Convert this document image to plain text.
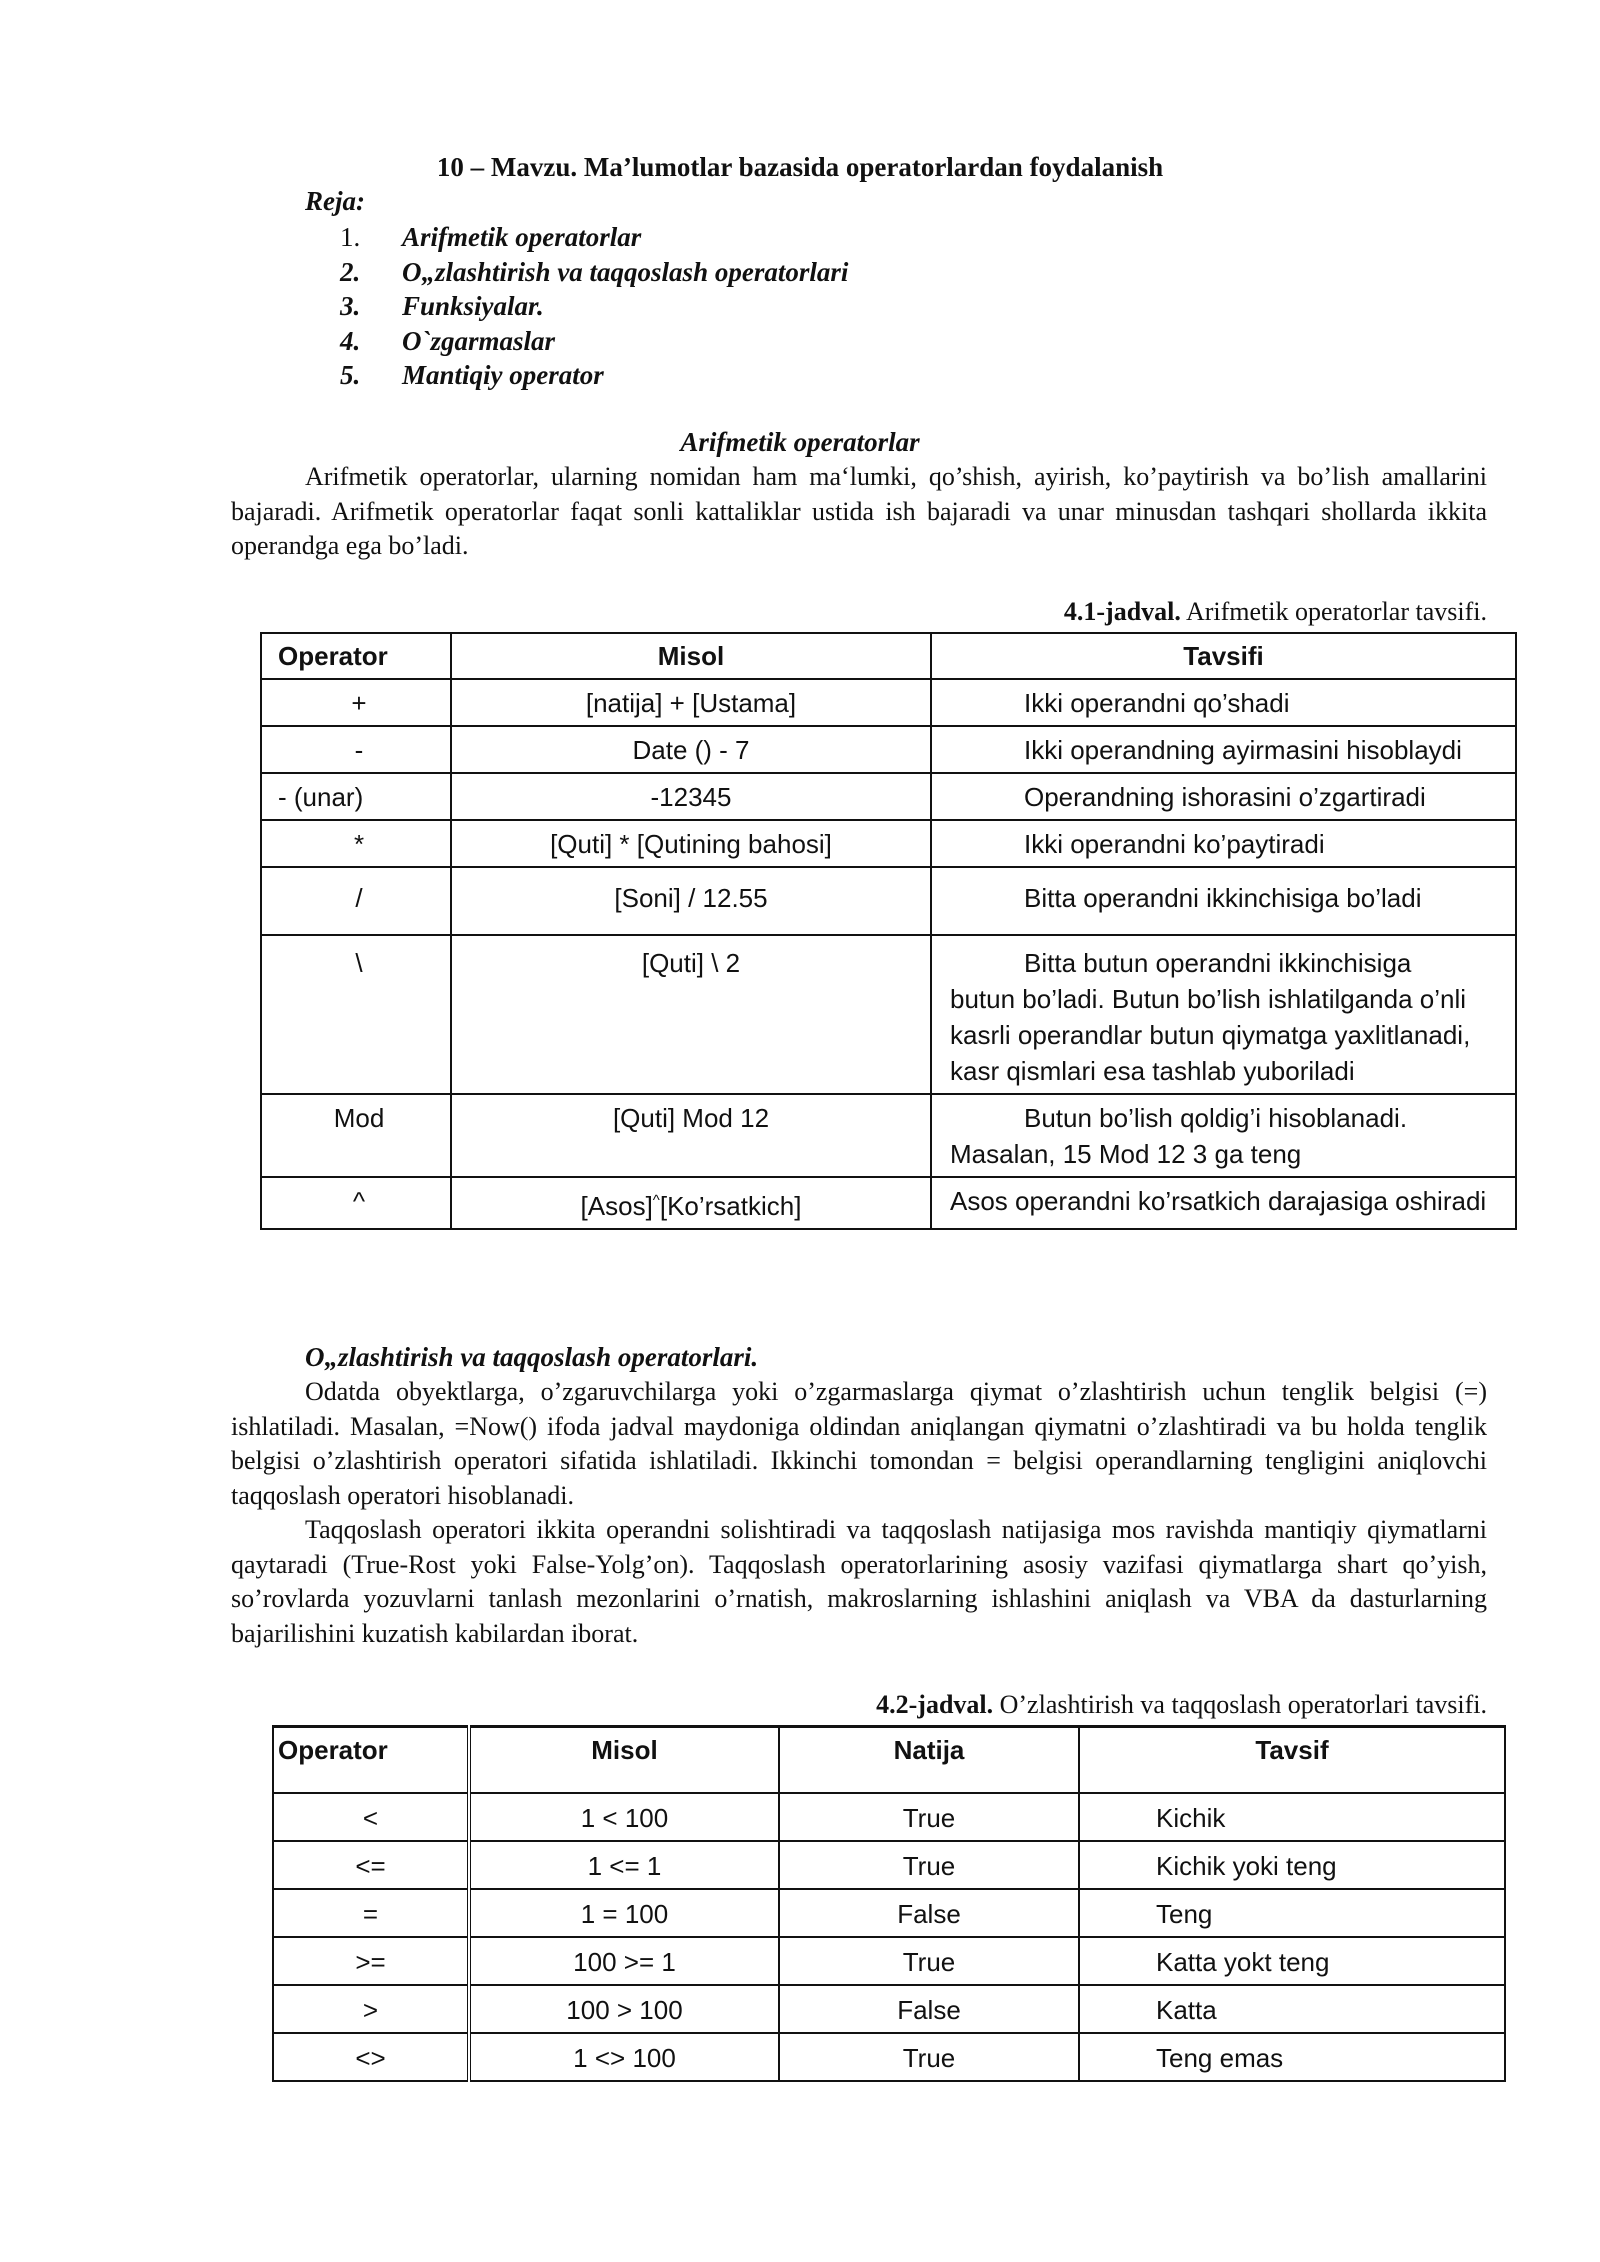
10 – Mavzu. Ma’lumotlar bazasida operatorlardan foydalanish
Reja:
1. Arifmetik operatorlar
2. O„zlashtirish va taqqoslash operatorlari
3. Funksiyalar.
4. O`zgarmaslar
5. Mantiqiy operator
Arifmetik operatorlar

Arifmetik operatorlar, ularning nomidan ham ma‘lumki, qo’shish, ayirish, ko’paytirish va bo’lish amallarini bajaradi. Arifmetik operatorlar faqat sonli kattaliklar ustida ish bajaradi va unar minusdan tashqari shollarda ikkita operandga ega bo’ladi.

4.1-jadval. Arifmetik operatorlar tavsifi.
Operator	Misol	Tavsifi
+	[natija] + [Ustama]	Ikki operandni qo’shadi
-	Date () - 7	Ikki operandning ayirmasini hisoblaydi
- (unar)	-12345	Operandning ishorasini o’zgartiradi
*	[Quti] * [Qutining bahosi]	Ikki operandni ko’paytiradi
/	[Soni] / 12.55	Bitta operandni ikkinchisiga bo’ladi
\	[Quti] \ 2	Bitta butun operandni ikkinchisiga
butun bo’ladi. Butun bo’lish ishlatilganda o’nli kasrli operandlar butun qiymatga yaxlitlanadi, kasr qismlari esa tashlab yuboriladi

Mod	[Quti] Mod 12	Butun bo’lish qoldig’i hisoblanadi.
Masalan, 15 Mod 12 3 ga teng

^	[Asos]^[Ko’rsatkich]	Asos operandni ko’rsatkich darajasiga oshiradi
O„zlashtirish va taqqoslash operatorlari.

Odatda obyektlarga, o’zgaruvchilarga yoki o’zgarmaslarga qiymat o’zlashtirish uchun tenglik belgisi (=) ishlatiladi. Masalan, =Now() ifoda jadval maydoniga oldindan aniqlangan qiymatni o’zlashtiradi va bu holda tenglik belgisi o’zlashtirish operatori sifatida ishlatiladi. Ikkinchi tomondan = belgisi operandlarning tengligini aniqlovchi taqqoslash operatori hisoblanadi.

Taqqoslash operatori ikkita operandni solishtiradi va taqqoslash natijasiga mos ravishda mantiqiy qiymatlarni qaytaradi (True-Rost yoki False-Yolg’on). Taqqoslash operatorlarining asosiy vazifasi qiymatlarga shart qo’yish, so’rovlarda yozuvlarni tanlash mezonlarini o’rnatish, makroslarning ishlashini aniqlash va VBA da dasturlarning bajarilishini kuzatish kabilardan iborat.

4.2-jadval. O’zlashtirish va taqqoslash operatorlari tavsifi.
Operator	Misol	Natija	Tavsif
<	1 < 100	True	Kichik
<=	1 <= 1	True	Kichik yoki teng
=	1 = 100	False	Teng
>=	100 >= 1	True	Katta yokt teng
>	100 > 100	False	Katta
<>	1 <> 100	True	Teng emas
